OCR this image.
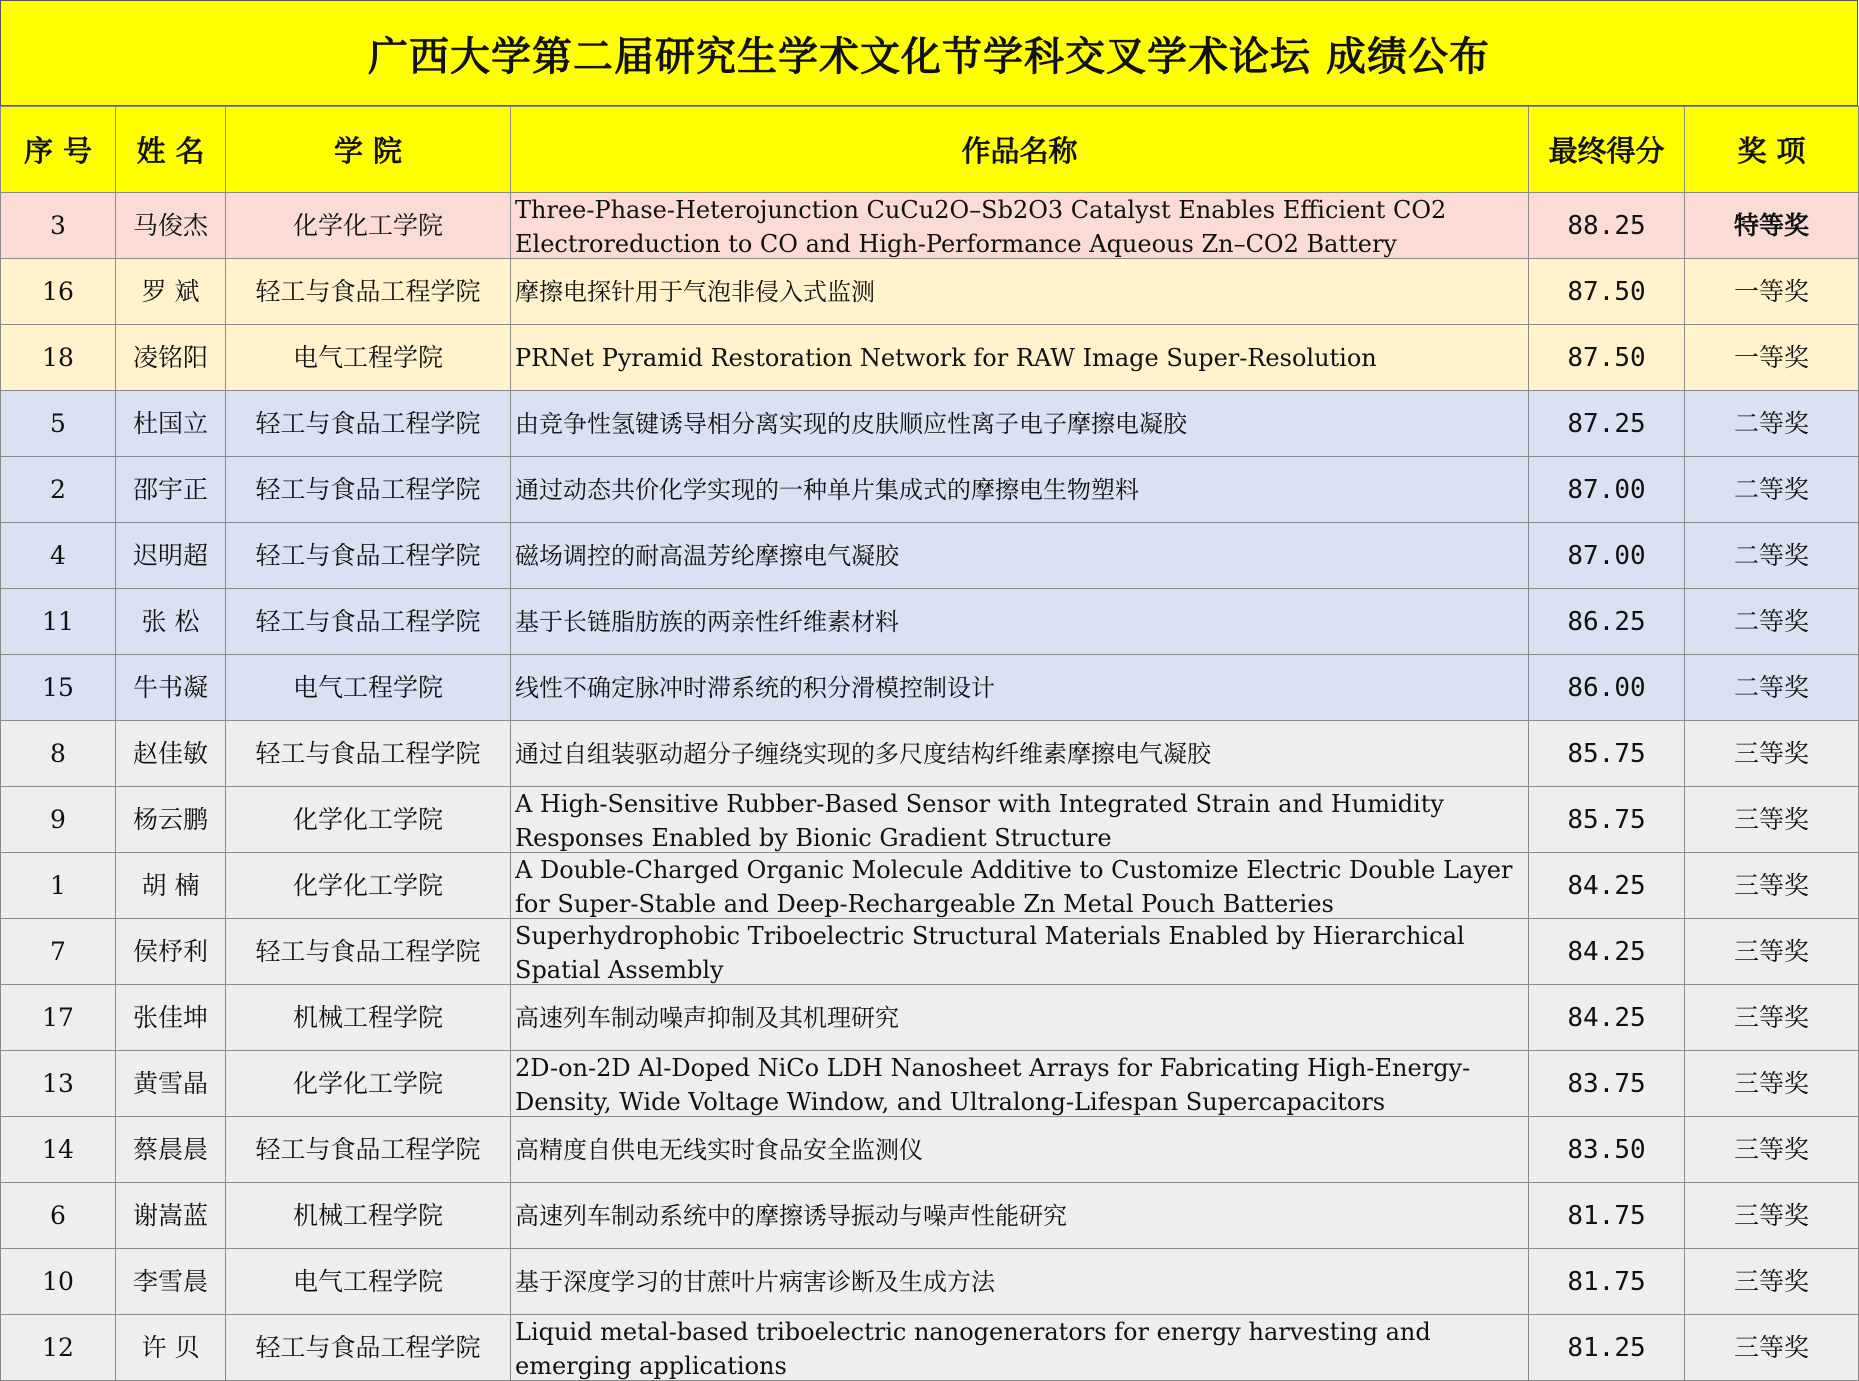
广西大学第二届研究生学术文化节学科交叉学术论坛 成绩公布
序 号	姓 名	学 院	作品名称	最终得分	奖 项
3	马俊杰	化学化工学院	Three-Phase-Heterojunction CuCu2O–Sb2O3 Catalyst Enables Efficient CO2 Electroreduction to CO and High-Performance Aqueous Zn–CO2 Battery	88.25	特等奖
16	罗 斌	轻工与食品工程学院	摩擦电探针用于气泡非侵入式监测	87.50	一等奖
18	凌铭阳	电气工程学院	PRNet Pyramid Restoration Network for RAW Image Super-Resolution	87.50	一等奖
5	杜国立	轻工与食品工程学院	由竞争性氢键诱导相分离实现的皮肤顺应性离子电子摩擦电凝胶	87.25	二等奖
2	邵宇正	轻工与食品工程学院	通过动态共价化学实现的一种单片集成式的摩擦电生物塑料	87.00	二等奖
4	迟明超	轻工与食品工程学院	磁场调控的耐高温芳纶摩擦电气凝胶	87.00	二等奖
11	张 松	轻工与食品工程学院	基于长链脂肪族的两亲性纤维素材料	86.25	二等奖
15	牛书凝	电气工程学院	线性不确定脉冲时滞系统的积分滑模控制设计	86.00	二等奖
8	赵佳敏	轻工与食品工程学院	通过自组装驱动超分子缠绕实现的多尺度结构纤维素摩擦电气凝胶	85.75	三等奖
9	杨云鹏	化学化工学院	A High-Sensitive Rubber-Based Sensor with Integrated Strain and Humidity Responses Enabled by Bionic Gradient Structure	85.75	三等奖
1	胡 楠	化学化工学院	A Double-Charged Organic Molecule Additive to Customize Electric Double Layer for Super-Stable and Deep-Rechargeable Zn Metal Pouch Batteries	84.25	三等奖
7	侯杼利	轻工与食品工程学院	Superhydrophobic Triboelectric Structural Materials Enabled by Hierarchical Spatial Assembly	84.25	三等奖
17	张佳坤	机械工程学院	高速列车制动噪声抑制及其机理研究	84.25	三等奖
13	黄雪晶	化学化工学院	2D-on-2D Al-Doped NiCo LDH Nanosheet Arrays for Fabricating High-Energy-Density, Wide Voltage Window, and Ultralong-Lifespan Supercapacitors	83.75	三等奖
14	蔡晨晨	轻工与食品工程学院	高精度自供电无线实时食品安全监测仪	83.50	三等奖
6	谢嵩蓝	机械工程学院	高速列车制动系统中的摩擦诱导振动与噪声性能研究	81.75	三等奖
10	李雪晨	电气工程学院	基于深度学习的甘蔗叶片病害诊断及生成方法	81.75	三等奖
12	许 贝	轻工与食品工程学院	Liquid metal-based triboelectric nanogenerators for energy harvesting and emerging applications	81.25	三等奖
